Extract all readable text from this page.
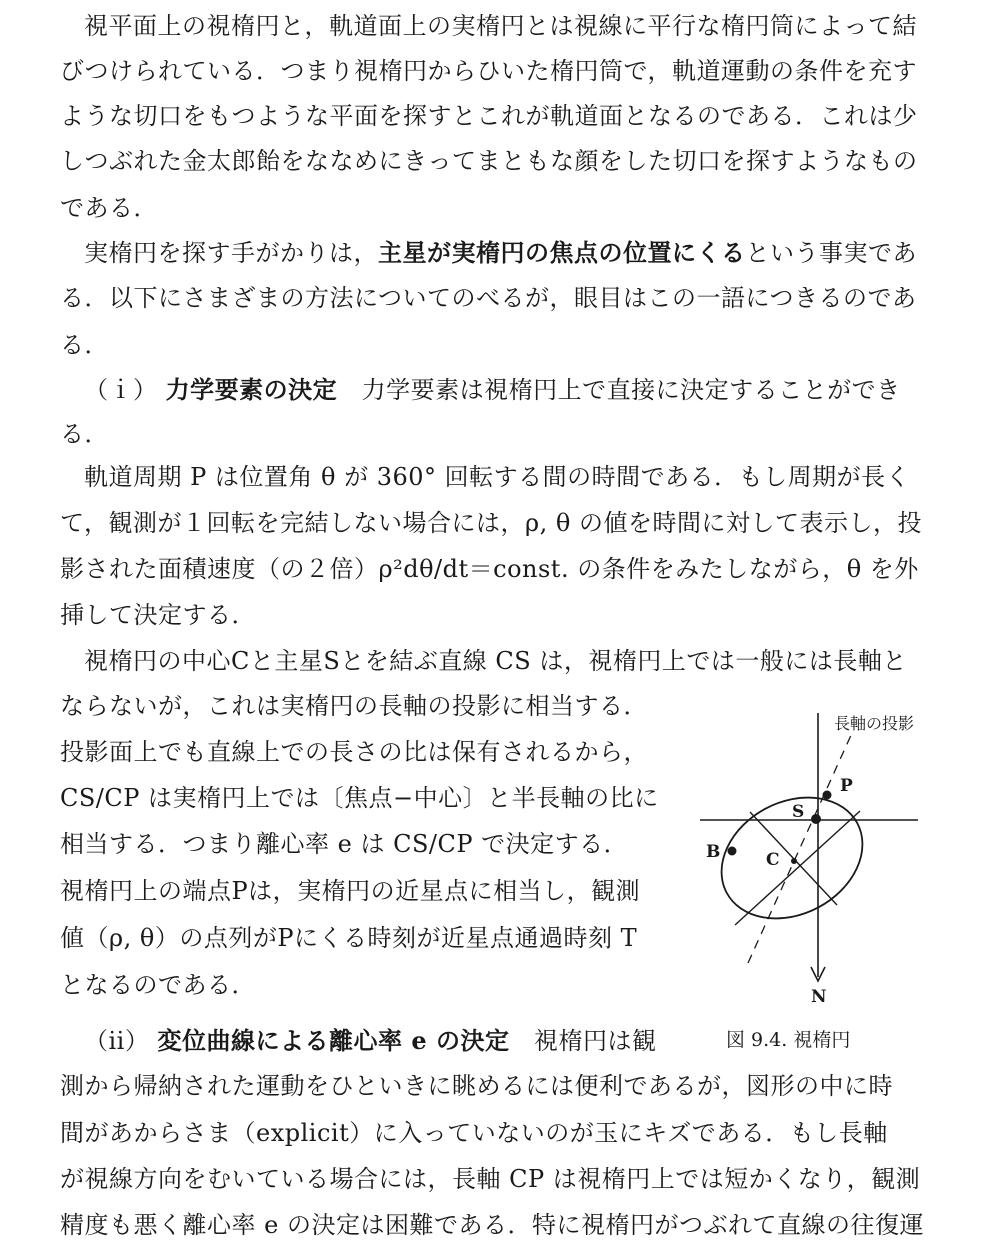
視平面上の視楕円と，軌道面上の実楕円とは視線に平行な楕円筒によって結

びつけられている．つまり視楕円からひいた楕円筒で，軌道運動の条件を充す

ような切口をもつような平面を探すとこれが軌道面となるのである．これは少

しつぶれた金太郎飴をななめにきってまともな顔をした切口を探すようなもの

である．

実楕円を探す手がかりは，主星が実楕円の焦点の位置にくるという事実であ

る．以下にさまざまの方法についてのべるが，眼目はこの一語につきるのであ

る．

（ｉ） 力学要素の決定　 力学要素は視楕円上で直接に決定することができ

る．

軌道周期 P は位置角 θ が 360° 回転する間の時間である．もし周期が長く

て，観測が１回転を完結しない場合には，ρ, θ の値を時間に対して表示し，投

影された面積速度（の２倍）ρ²dθ/dt＝const. の条件をみたしながら，θ を外

挿して決定する．

視楕円の中心Cと主星Sとを結ぶ直線 CS は，視楕円上では一般には長軸と

ならないが，これは実楕円の長軸の投影に相当する．

投影面上でも直線上での長さの比は保有されるから，

CS/CP は実楕円上では〔焦点−中心〕と半長軸の比に

相当する．つまり離心率 e は CS/CP で決定する．

視楕円上の端点Pは，実楕円の近星点に相当し，観測

値（ρ, θ）の点列がPにくる時刻が近星点通過時刻 T

となるのである．

（ii） 変位曲線による離心率 e の決定　 視楕円は観

測から帰納された運動をひといきに眺めるには便利であるが，図形の中に時

間があからさま（explicit）に入っていないのが玉にキズである．もし長軸

が視線方向をむいている場合には，長軸 CP は視楕円上では短かくなり，観測

精度も悪く離心率 e の決定は困難である．特に視楕円がつぶれて直線の往復運

長軸の投影
P
S
B	C
N

図 9.4. 視楕円
